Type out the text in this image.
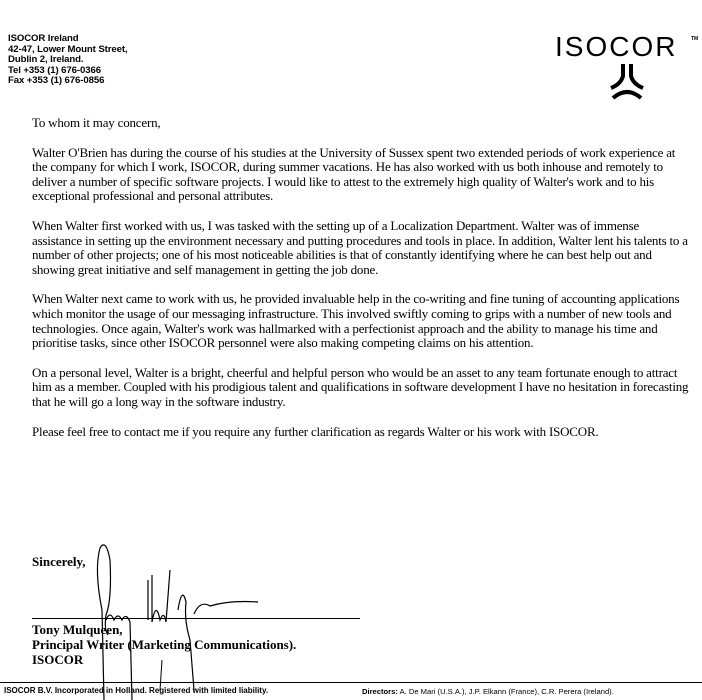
ISOCOR Ireland
42-47, Lower Mount Street,
Dublin 2, Ireland.
Tel +353 (1) 676-0366
Fax +353 (1) 676-0856
ISOCOR	TM

To whom it may concern,

Walter O'Brien has during the course of his studies at the University of Sussex spent two extended periods of work experience at the company for which I work, ISOCOR, during summer vacations. He has also worked with us both inhouse and remotely to deliver a number of specific software projects. I would like to attest to the extremely high quality of Walter's work and to his exceptional professional and personal attributes.

When Walter first worked with us, I was tasked with the setting up of a Localization Department. Walter was of immense assistance in setting up the environment necessary and putting procedures and tools in place. In addition, Walter lent his talents to a number of other projects; one of his most noticeable abilities is that of constantly identifying where he can best help out and showing great initiative and self management in getting the job done.

When Walter next came to work with us, he provided invaluable help in the co-writing and fine tuning of accounting applications which monitor the usage of our messaging infrastructure. This involved swiftly coming to grips with a number of new tools and technologies. Once again, Walter's work was hallmarked with a perfectionist approach and the ability to manage his time and prioritise tasks, since other ISOCOR personnel were also making competing claims on his attention.

On a personal level, Walter is a bright, cheerful and helpful person who would be an asset to any team fortunate enough to attract him as a member. Coupled with his prodigious talent and qualifications in software development I have no hesitation in forecasting that he will go a long way in the software industry.

Please feel free to contact me if you require any further clarification as regards Walter or his work with ISOCOR.

Sincerely,
Tony Mulqueen,
Principal Writer (Marketing Communications).
ISOCOR
ISOCOR B.V. Incorporated in Holland. Registered with limited liability.	Directors: A. De Mari (U.S.A.), J.P. Elkann (France), C.R. Perera (Ireland).
